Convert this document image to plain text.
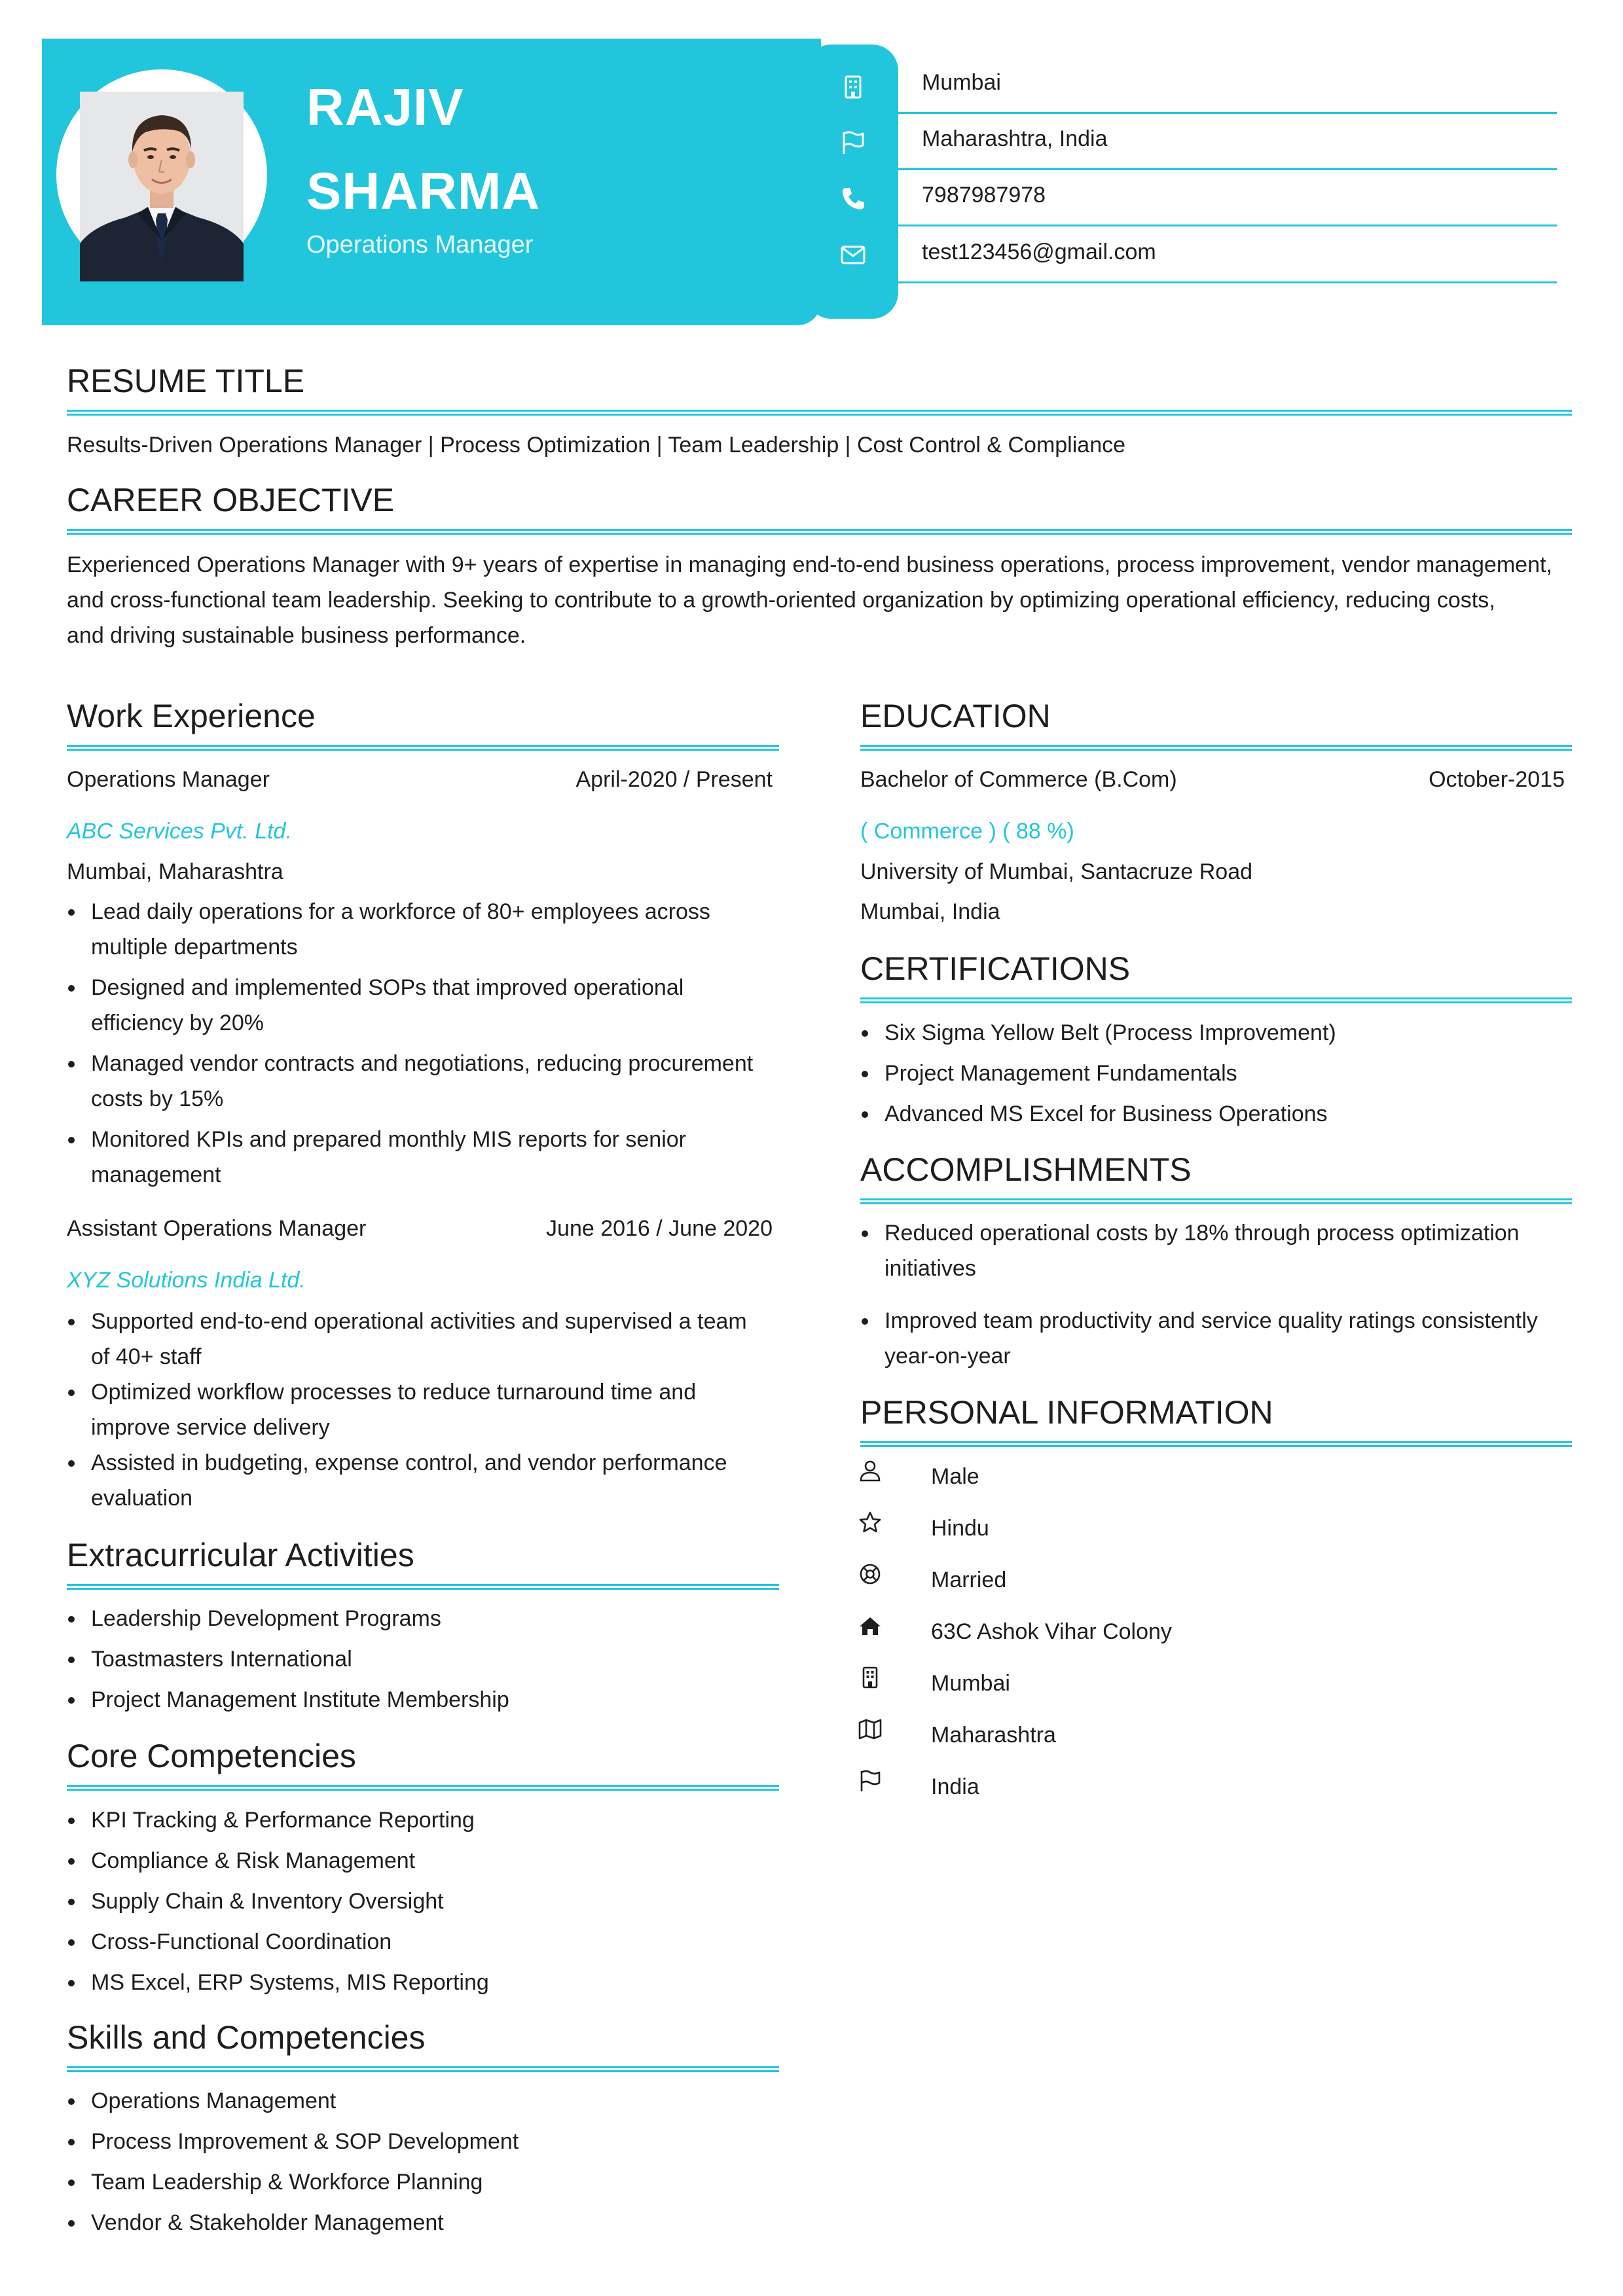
RAJIV
SHARMA

Operations Manager

Mumbai
Maharashtra, India
7987987978
test123456@gmail.com
RESUME TITLE

Results-Driven Operations Manager | Process Optimization | Team Leadership | Cost Control & Compliance

CAREER OBJECTIVE

Experienced Operations Manager with 9+ years of expertise in managing end-to-end business operations, process improvement, vendor management,

and cross-functional team leadership. Seeking to contribute to a growth-oriented organization by optimizing operational efficiency, reducing costs,

and driving sustainable business performance.

Work Experience

Operations Manager	April-2020 / Present

ABC Services Pvt. Ltd.

Mumbai, Maharashtra

Lead daily operations for a workforce of 80+ employees across
multiple departments
Designed and implemented SOPs that improved operational
efficiency by 20%
Managed vendor contracts and negotiations, reducing procurement
costs by 15%
Monitored KPIs and prepared monthly MIS reports for senior
management

Assistant Operations Manager	June 2016 / June 2020

XYZ Solutions India Ltd.

Supported end-to-end operational activities and supervised a team
of 40+ staff
Optimized workflow processes to reduce turnaround time and
improve service delivery
Assisted in budgeting, expense control, and vendor performance
evaluation
Extracurricular Activities
Leadership Development Programs
Toastmasters International
Project Management Institute Membership
Core Competencies
KPI Tracking & Performance Reporting
Compliance & Risk Management
Supply Chain & Inventory Oversight
Cross-Functional Coordination
MS Excel, ERP Systems, MIS Reporting
Skills and Competencies
Operations Management
Process Improvement & SOP Development
Team Leadership & Workforce Planning
Vendor & Stakeholder Management
EDUCATION

Bachelor of Commerce (B.Com)	October-2015

( Commerce ) ( 88 %)

University of Mumbai, Santacruze Road

Mumbai, India

CERTIFICATIONS
Six Sigma Yellow Belt (Process Improvement)
Project Management Fundamentals
Advanced MS Excel for Business Operations
ACCOMPLISHMENTS
Reduced operational costs by 18% through process optimization
initiatives
Improved team productivity and service quality ratings consistently
year-on-year
PERSONAL INFORMATION
Male
Hindu
Married
63C Ashok Vihar Colony
Mumbai
Maharashtra
India
